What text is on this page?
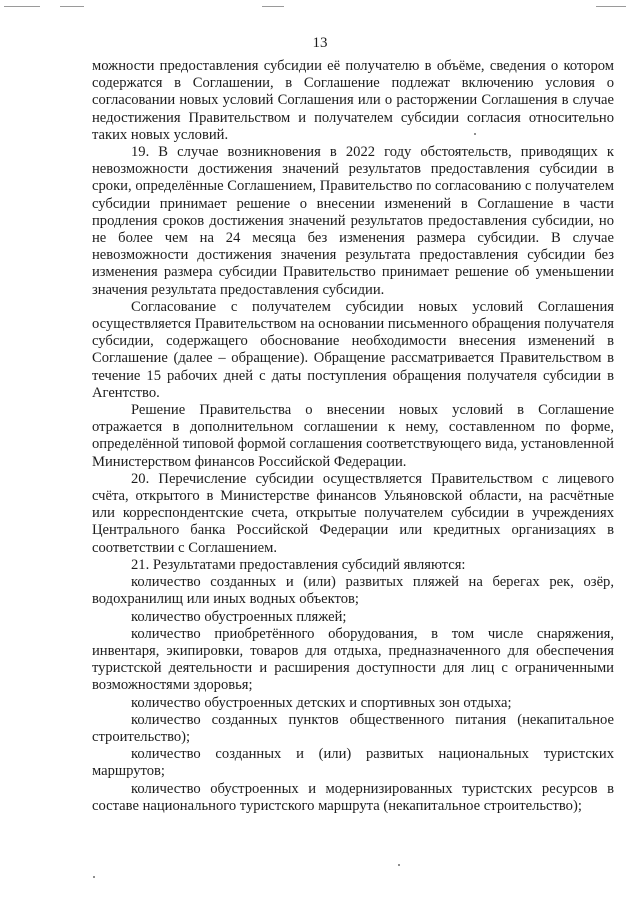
13

можности предоставления субсидии её получателю в объёме, сведения о котором содержатся в Соглашении, в Соглашение подлежат включению условия о согласовании новых условий Соглашения или о расторжении Соглашения в случае недостижения Правительством и получателем субсидии согласия относительно таких новых условий.

19. В случае возникновения в 2022 году обстоятельств, приводящих к невозможности достижения значений результатов предоставления субсидии в сроки, определённые Соглашением, Правительство по согласованию с получателем субсидии принимает решение о внесении изменений в Соглашение в части продления сроков достижения значений результатов предоставления субсидии, но не более чем на 24 месяца без изменения размера субсидии. В случае невозможности достижения значения результата предоставления субсидии без изменения размера субсидии Правительство принимает решение об уменьшении значения результата предоставления субсидии.

Согласование с получателем субсидии новых условий Соглашения осуществляется Правительством на основании письменного обращения получателя субсидии, содержащего обоснование необходимости внесения изменений в Соглашение (далее – обращение). Обращение рассматривается Правительством в течение 15 рабочих дней с даты поступления обращения получателя субсидии в Агентство.

Решение Правительства о внесении новых условий в Соглашение отражается в дополнительном соглашении к нему, составленном по форме, определённой типовой формой соглашения соответствующего вида, установленной Министерством финансов Российской Федерации.

20. Перечисление субсидии осуществляется Правительством с лицевого счёта, открытого в Министерстве финансов Ульяновской области, на расчётные или корреспондентские счета, открытые получателем субсидии в учреждениях Центрального банка Российской Федерации или кредитных организациях в соответствии с Соглашением.

21. Результатами предоставления субсидий являются:

количество созданных и (или) развитых пляжей на берегах рек, озёр, водохранилищ или иных водных объектов;
количество обустроенных пляжей;
количество приобретённого оборудования, в том числе снаряжения, инвентаря, экипировки, товаров для отдыха, предназначенного для обеспечения туристской деятельности и расширения доступности для лиц с ограниченными возможностями здоровья;
количество обустроенных детских и спортивных зон отдыха;
количество созданных пунктов общественного питания (некапитальное строительство);
количество созданных и (или) развитых национальных туристских маршрутов;
количество обустроенных и модернизированных туристских ресурсов в составе национального туристского маршрута (некапитальное строительство);
